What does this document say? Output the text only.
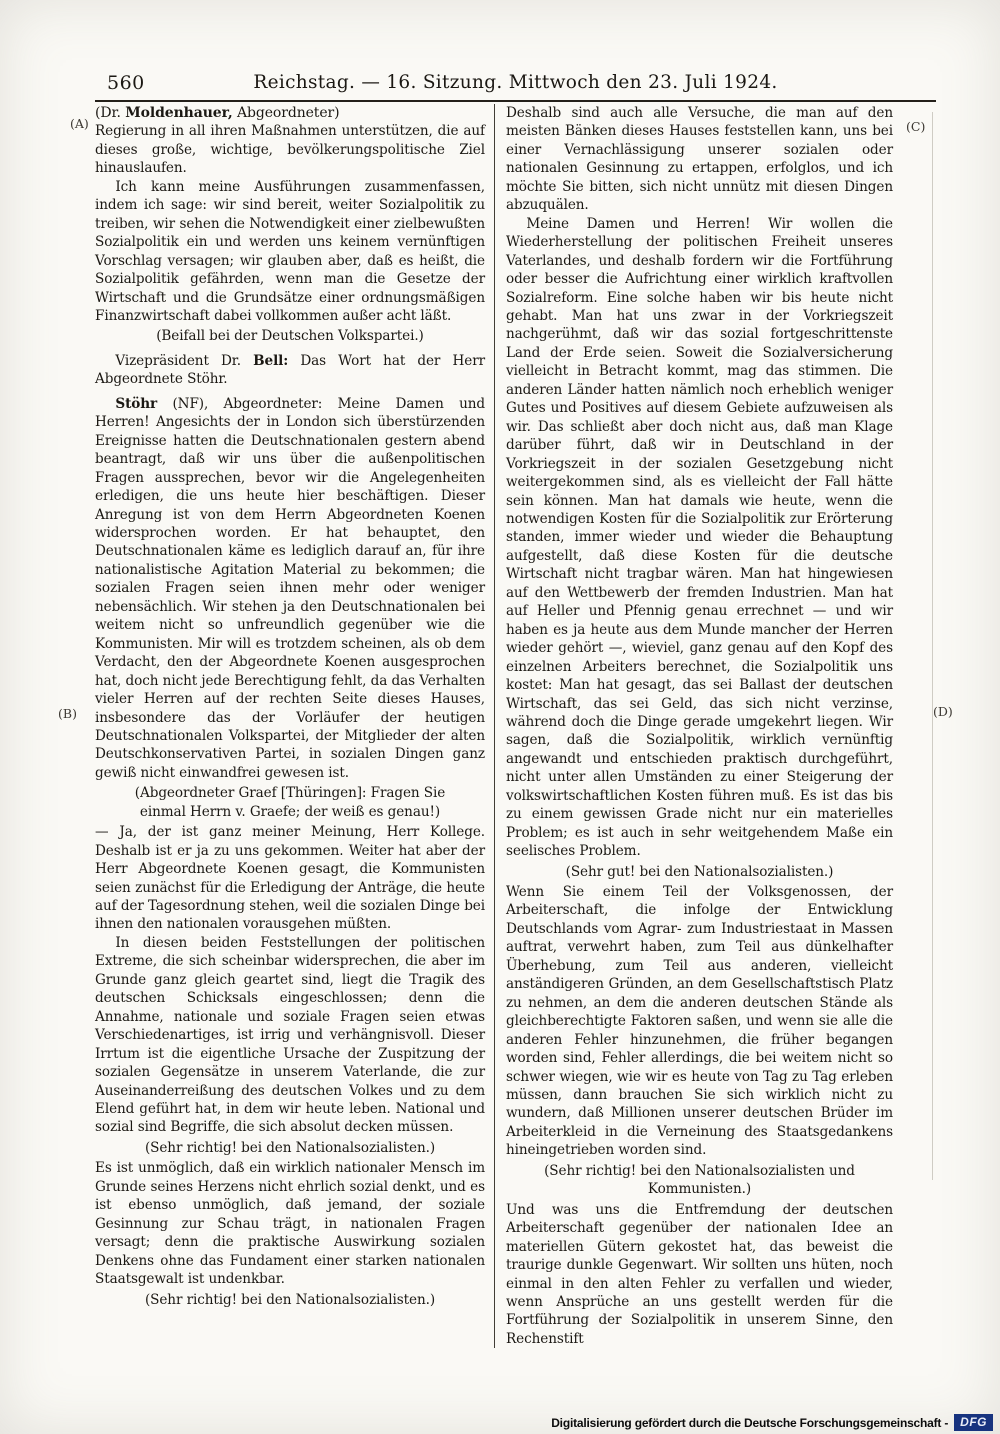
560	Reichstag. — 16. Sitzung. Mittwoch den 23. Juli 1924.
(A)
(B)
(C)
(D)

(Dr. Moldenhauer, Abgeordneter)

Regierung in all ihren Maßnahmen unterstützen, die auf dieses große, wichtige, bevölkerungspolitische Ziel hinauslaufen.

Ich kann meine Ausführungen zusammenfassen, indem ich sage: wir sind bereit, weiter Sozialpolitik zu treiben, wir sehen die Notwendigkeit einer zielbewußten Sozialpolitik ein und werden uns keinem vernünftigen Vorschlag versagen; wir glauben aber, daß es heißt, die Sozialpolitik gefährden, wenn man die Gesetze der Wirtschaft und die Grundsätze einer ordnungsmäßigen Finanzwirtschaft dabei vollkommen außer acht läßt.

(Beifall bei der Deutschen Volkspartei.)

Vizepräsident Dr. Bell: Das Wort hat der Herr Abgeordnete Stöhr.

Stöhr (NF), Abgeordneter: Meine Damen und Herren! Angesichts der in London sich überstürzenden Ereignisse hatten die Deutschnationalen gestern abend beantragt, daß wir uns über die außenpolitischen Fragen aussprechen, bevor wir die Angelegenheiten erledigen, die uns heute hier beschäftigen. Dieser Anregung ist von dem Herrn Abgeordneten Koenen widersprochen worden. Er hat behauptet, den Deutschnationalen käme es lediglich darauf an, für ihre nationalistische Agitation Material zu bekommen; die sozialen Fragen seien ihnen mehr oder weniger nebensächlich. Wir stehen ja den Deutschnationalen bei weitem nicht so unfreundlich gegenüber wie die Kommunisten. Mir will es trotzdem scheinen, als ob dem Verdacht, den der Abgeordnete Koenen ausgesprochen hat, doch nicht jede Berechtigung fehlt, da das Verhalten vieler Herren auf der rechten Seite dieses Hauses, insbesondere das der Vorläufer der heutigen Deutschnationalen Volkspartei, der Mitglieder der alten Deutschkonservativen Partei, in sozialen Dingen ganz gewiß nicht einwandfrei gewesen ist.

(Abgeordneter Graef [Thüringen]: Fragen Sie einmal Herrn v. Graefe; der weiß es genau!)

— Ja, der ist ganz meiner Meinung, Herr Kollege. Deshalb ist er ja zu uns gekommen. Weiter hat aber der Herr Abgeordnete Koenen gesagt, die Kommunisten seien zunächst für die Erledigung der Anträge, die heute auf der Tagesordnung stehen, weil die sozialen Dinge bei ihnen den nationalen vorausgehen müßten.

In diesen beiden Feststellungen der politischen Extreme, die sich scheinbar widersprechen, die aber im Grunde ganz gleich geartet sind, liegt die Tragik des deutschen Schicksals eingeschlossen; denn die Annahme, nationale und soziale Fragen seien etwas Verschiedenartiges, ist irrig und verhängnisvoll. Dieser Irrtum ist die eigentliche Ursache der Zuspitzung der sozialen Gegensätze in unserem Vaterlande, die zur Auseinanderreißung des deutschen Volkes und zu dem Elend geführt hat, in dem wir heute leben. National und sozial sind Begriffe, die sich absolut decken müssen.

(Sehr richtig! bei den Nationalsozialisten.)

Es ist unmöglich, daß ein wirklich nationaler Mensch im Grunde seines Herzens nicht ehrlich sozial denkt, und es ist ebenso unmöglich, daß jemand, der soziale Gesinnung zur Schau trägt, in nationalen Fragen versagt; denn die praktische Auswirkung sozialen Denkens ohne das Fundament einer starken nationalen Staatsgewalt ist undenkbar.

(Sehr richtig! bei den Nationalsozialisten.)

Deshalb sind auch alle Versuche, die man auf den meisten Bänken dieses Hauses feststellen kann, uns bei einer Vernachlässigung unserer sozialen oder nationalen Gesinnung zu ertappen, erfolglos, und ich möchte Sie bitten, sich nicht unnütz mit diesen Dingen abzuquälen.

Meine Damen und Herren! Wir wollen die Wiederherstellung der politischen Freiheit unseres Vaterlandes, und deshalb fordern wir die Fortführung oder besser die Aufrichtung einer wirklich kraftvollen Sozialreform. Eine solche haben wir bis heute nicht gehabt. Man hat uns zwar in der Vorkriegszeit nachgerühmt, daß wir das sozial fortgeschrittenste Land der Erde seien. Soweit die Sozialversicherung vielleicht in Betracht kommt, mag das stimmen. Die anderen Länder hatten nämlich noch erheblich weniger Gutes und Positives auf diesem Gebiete aufzuweisen als wir. Das schließt aber doch nicht aus, daß man Klage darüber führt, daß wir in Deutschland in der Vorkriegszeit in der sozialen Gesetzgebung nicht weitergekommen sind, als es vielleicht der Fall hätte sein können. Man hat damals wie heute, wenn die notwendigen Kosten für die Sozialpolitik zur Erörterung standen, immer wieder und wieder die Behauptung aufgestellt, daß diese Kosten für die deutsche Wirtschaft nicht tragbar wären. Man hat hingewiesen auf den Wettbewerb der fremden Industrien. Man hat auf Heller und Pfennig genau errechnet — und wir haben es ja heute aus dem Munde mancher der Herren wieder gehört —, wieviel, ganz genau auf den Kopf des einzelnen Arbeiters berechnet, die Sozialpolitik uns kostet: Man hat gesagt, das sei Ballast der deutschen Wirtschaft, das sei Geld, das sich nicht verzinse, während doch die Dinge gerade umgekehrt liegen. Wir sagen, daß die Sozialpolitik, wirklich vernünftig angewandt und entschieden praktisch durchgeführt, nicht unter allen Umständen zu einer Steigerung der volkswirtschaftlichen Kosten führen muß. Es ist das bis zu einem gewissen Grade nicht nur ein materielles Problem; es ist auch in sehr weitgehendem Maße ein seelisches Problem.

(Sehr gut! bei den Nationalsozialisten.)

Wenn Sie einem Teil der Volksgenossen, der Arbeiterschaft, die infolge der Entwicklung Deutschlands vom Agrar- zum Industriestaat in Massen auftrat, verwehrt haben, zum Teil aus dünkelhafter Überhebung, zum Teil aus anderen, vielleicht anständigeren Gründen, an dem Gesellschaftstisch Platz zu nehmen, an dem die anderen deutschen Stände als gleichberechtigte Faktoren saßen, und wenn sie alle die anderen Fehler hinzunehmen, die früher begangen worden sind, Fehler allerdings, die bei weitem nicht so schwer wiegen, wie wir es heute von Tag zu Tag erleben müssen, dann brauchen Sie sich wirklich nicht zu wundern, daß Millionen unserer deutschen Brüder im Arbeiterkleid in die Verneinung des Staatsgedankens hineingetrieben worden sind.

(Sehr richtig! bei den Nationalsozialisten und Kommunisten.)

Und was uns die Entfremdung der deutschen Arbeiterschaft gegenüber der nationalen Idee an materiellen Gütern gekostet hat, das beweist die traurige dunkle Gegenwart. Wir sollten uns hüten, noch einmal in den alten Fehler zu verfallen und wieder, wenn Ansprüche an uns gestellt werden für die Fortführung der Sozialpolitik in unserem Sinne, den Rechenstift

Digitalisierung gefördert durch die Deutsche Forschungsgemeinschaft -	DFG
